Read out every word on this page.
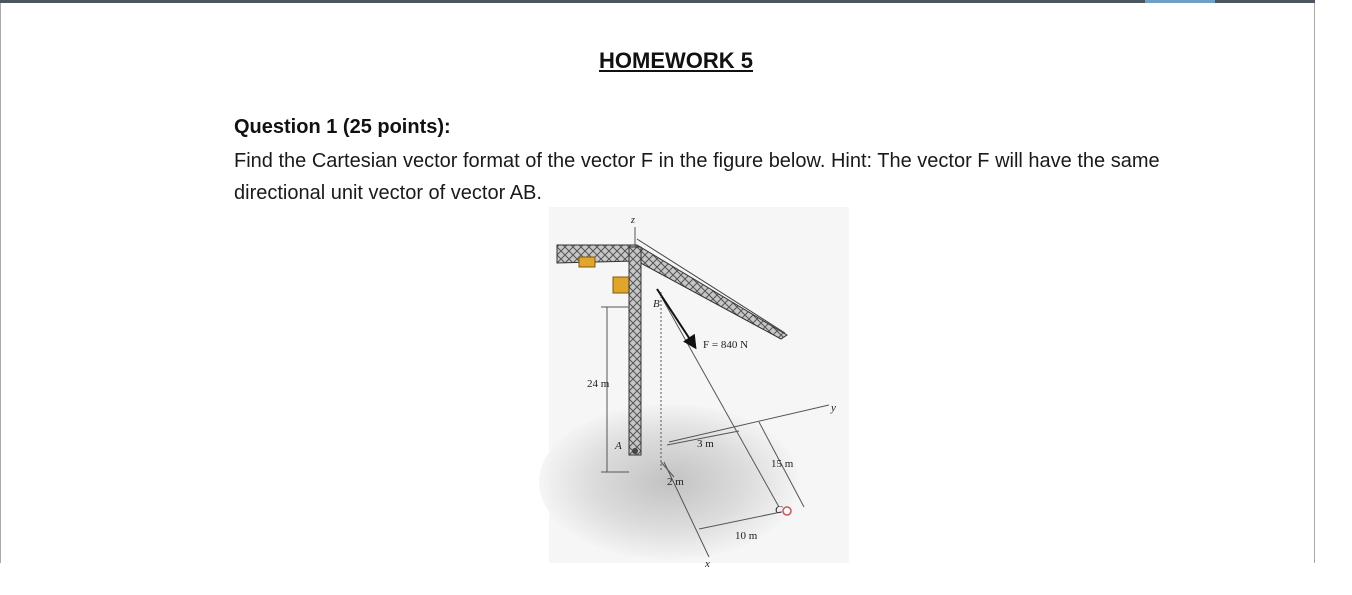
HOMEWORK 5
Question 1 (25 points):
Find the Cartesian vector format of the vector F in the figure below. Hint: The vector F will have the same directional unit vector of vector AB.
z
y
x
B
A
C
F = 840 N
24 m
3 m
2 m
15 m
10 m
